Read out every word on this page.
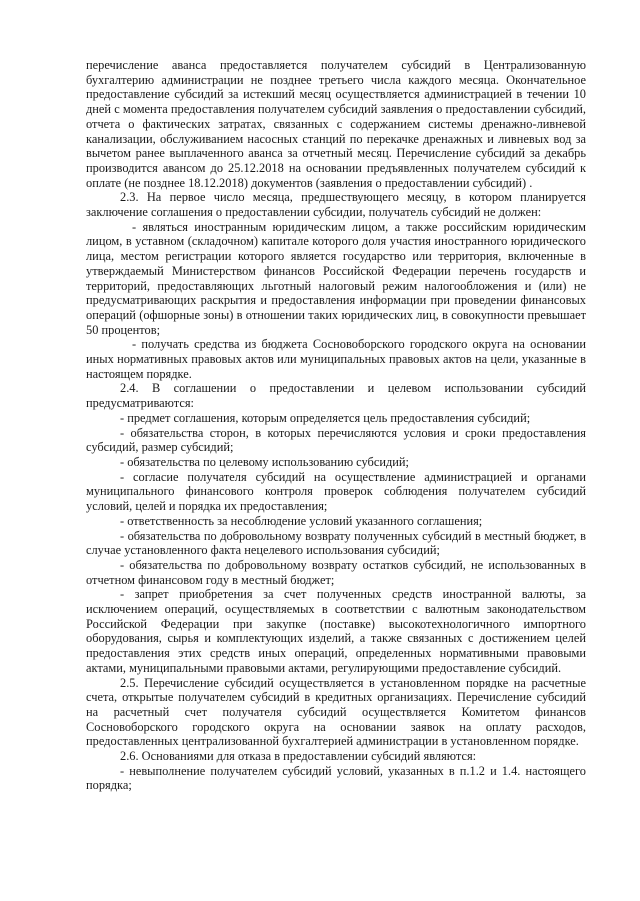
перечисление аванса предоставляется получателем субсидий в Централизованную бухгалтерию администрации не позднее третьего числа каждого месяца. Окончательное предоставление субсидий за истекший месяц осуществляется администрацией в течении 10 дней с момента предоставления получателем субсидий заявления о предоставлении субсидий, отчета о фактических затратах, связанных с содержанием системы дренажно-ливневой канализации, обслуживанием насосных станций по перекачке дренажных и ливневых вод за вычетом ранее выплаченного аванса за отчетный месяц. Перечисление субсидий за декабрь производится авансом до 25.12.2018 на основании предъявленных получателем субсидий к оплате (не позднее 18.12.2018) документов (заявления о предоставлении субсидий) .

2.3. На первое число месяца, предшествующего месяцу, в котором планируется заключение соглашения о предоставлении субсидии, получатель субсидий не должен:

- являться иностранным юридическим лицом, а также российским юридическим лицом, в уставном (складочном) капитале которого доля участия иностранного юридического лица, местом регистрации которого является государство или территория, включенные в утверждаемый Министерством финансов Российской Федерации перечень государств и территорий, предоставляющих льготный налоговый режим налогообложения и (или) не предусматривающих раскрытия и предоставления информации при проведении финансовых операций (офшорные зоны) в отношении таких юридических лиц, в совокупности превышает 50 процентов;

- получать средства из бюджета Сосновоборского городского округа на основании иных нормативных правовых актов или муниципальных правовых актов на цели, указанные в настоящем порядке.

2.4. В соглашении о предоставлении и целевом использовании субсидий предусматриваются:

- предмет соглашения, которым определяется цель предоставления субсидий;

- обязательства сторон, в которых перечисляются условия и сроки предоставления субсидий, размер субсидий;

- обязательства по целевому использованию субсидий;

- согласие получателя субсидий на осуществление администрацией и органами муниципального финансового контроля проверок соблюдения получателем субсидий условий, целей и порядка их предоставления;

- ответственность за несоблюдение условий указанного соглашения;

- обязательства по добровольному возврату полученных субсидий в местный бюджет, в случае установленного факта нецелевого использования субсидий;

- обязательства по добровольному возврату остатков субсидий, не использованных в отчетном финансовом году в местный бюджет;

- запрет приобретения за счет полученных средств иностранной валюты, за исключением операций, осуществляемых в соответствии с валютным законодательством Российской Федерации при закупке (поставке) высокотехнологичного импортного оборудования, сырья и комплектующих изделий, а также связанных с достижением целей предоставления этих средств иных операций, определенных нормативными правовыми актами, муниципальными правовыми актами, регулирующими предоставление субсидий.

2.5. Перечисление субсидий осуществляется в установленном порядке на расчетные счета, открытые получателем субсидий в кредитных организациях. Перечисление субсидий на расчетный счет получателя субсидий осуществляется Комитетом финансов Сосновоборского городского округа на основании заявок на оплату расходов, предоставленных централизованной бухгалтерией администрации в установленном порядке.

2.6. Основаниями для отказа в предоставлении субсидий являются:

- невыполнение получателем субсидий условий, указанных в п.1.2 и 1.4. настоящего порядка;
